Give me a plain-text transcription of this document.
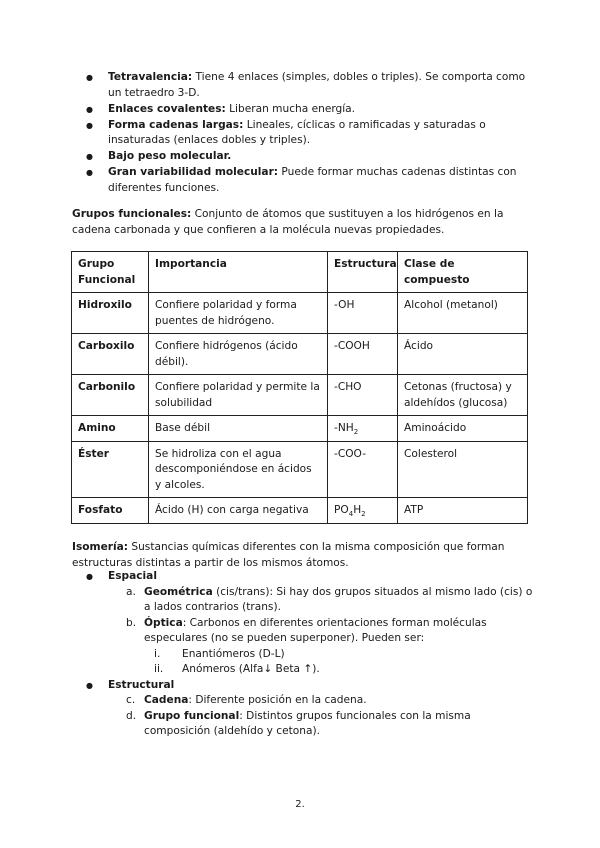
● Tetravalencia: Tiene 4 enlaces (simples, dobles o triples). Se comporta como un tetraedro 3-D.
● Enlaces covalentes: Liberan mucha energía.
● Forma cadenas largas: Lineales, cíclicas o ramificadas y saturadas o insaturadas (enlaces dobles y triples).
● Bajo peso molecular.
● Gran variabilidad molecular: Puede formar muchas cadenas distintas con diferentes funciones.

Grupos funcionales: Conjunto de átomos que sustituyen a los hidrógenos en la cadena carbonada y que confieren a la molécula nuevas propiedades.

Grupo Funcional	Importancia	Estructura	Clase de compuesto
Hidroxilo	Confiere polaridad y forma puentes de hidrógeno.	-OH	Alcohol (metanol)
Carboxilo	Confiere hidrógenos (ácido débil).	-COOH	Ácido
Carbonilo	Confiere polaridad y permite la solubilidad	-CHO	Cetonas (fructosa) y aldehídos (glucosa)
Amino	Base débil	$-NH_2$	Aminoácido
Éster	Se hidroliza con el agua descomponiéndose en ácidos y alcoles.	-COO-	Colesterol
Fosfato	Ácido (H) con carga negativa	$PO_4H_2$	ATP

Isomería: Sustancias químicas diferentes con la misma composición que forman estructuras distintas a partir de los mismos átomos.

● Espacial
a. Geométrica (cis/trans): Si hay dos grupos situados al mismo lado (cis) o a lados contrarios (trans).
b. Óptica: Carbonos en diferentes orientaciones forman moléculas especulares (no se pueden superponer). Pueden ser:
i. Enantiómeros (D-L)
ii. Anómeros (Alfa↓ Beta ↑).
● Estructural
c. Cadena: Diferente posición en la cadena.
d. Grupo funcional: Distintos grupos funcionales con la misma composición (aldehído y cetona).
2.
